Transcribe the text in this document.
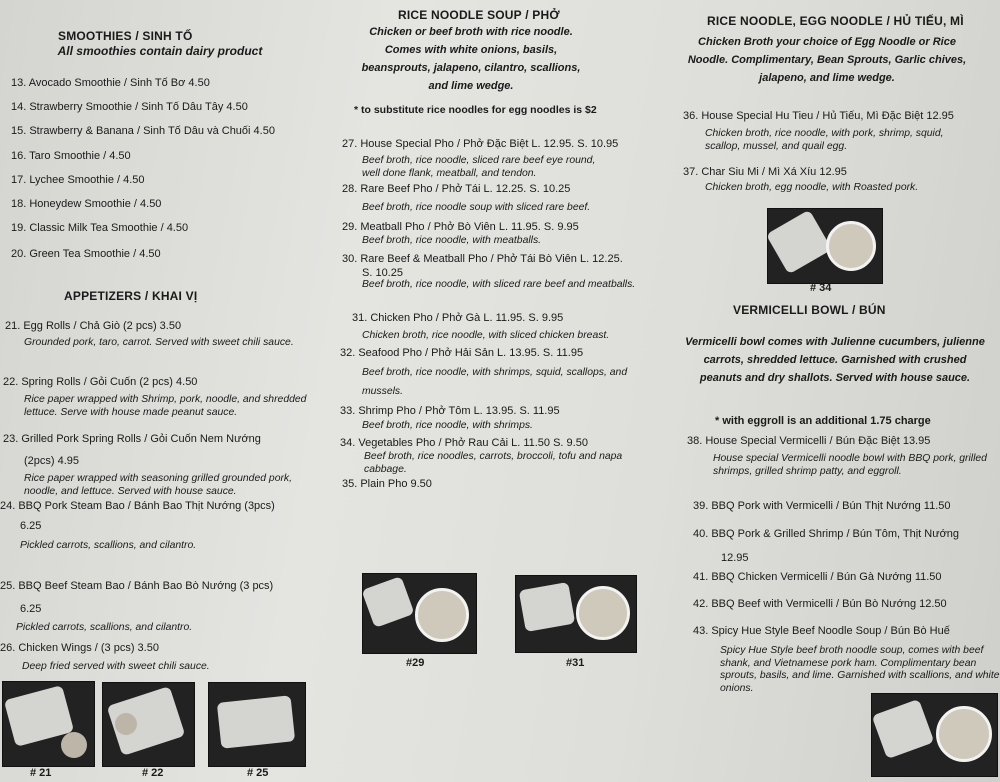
SMOOTHIES / SINH TỐ
All smoothies contain dairy product
13. Avocado Smoothie / Sinh Tố Bơ 4.50
14. Strawberry Smoothie / Sinh Tố Dâu Tây 4.50
15. Strawberry & Banana / Sinh Tố Dâu và Chuối 4.50
16. Taro Smoothie / 4.50
17. Lychee Smoothie / 4.50
18. Honeydew Smoothie / 4.50
19. Classic Milk Tea Smoothie / 4.50
20. Green Tea Smoothie / 4.50
APPETIZERS / KHAI VỊ
21. Egg Rolls / Chả Giò (2 pcs) 3.50
Grounded pork, taro, carrot. Served with sweet chili sauce.
22. Spring Rolls / Gỏi Cuốn (2 pcs) 4.50
Rice paper wrapped with Shrimp, pork, noodle, and shredded lettuce. Serve with house made peanut sauce.
23. Grilled Pork Spring Rolls / Gỏi Cuốn Nem Nướng
(2pcs) 4.95
Rice paper wrapped with seasoning grilled grounded pork, noodle, and lettuce. Served with house sauce.
24. BBQ Pork Steam Bao / Bánh Bao Thịt Nướng (3pcs)
6.25
Pickled carrots, scallions, and cilantro.
25. BBQ Beef Steam Bao / Bánh Bao Bò Nướng (3 pcs)
6.25
Pickled carrots, scallions, and cilantro.
26. Chicken Wings / (3 pcs) 3.50
Deep fried served with sweet chili sauce.
# 21	# 22	# 25
RICE NOODLE SOUP / PHỞ
Chicken or beef broth with rice noodle. Comes with white onions, basils, beansprouts, jalapeno, cilantro, scallions, and lime wedge.
* to substitute rice noodles for egg noodles is $2
27. House Special Pho / Phở Đặc Biệt L. 12.95. S. 10.95
Beef broth, rice noodle, sliced rare beef eye round, well done flank, meatball, and tendon.
28. Rare Beef Pho / Phở Tái L. 12.25. S. 10.25
Beef broth, rice noodle soup with sliced rare beef.
29. Meatball Pho / Phở Bò Viên L. 11.95. S. 9.95
Beef broth, rice noodle, with meatballs.
30. Rare Beef & Meatball Pho / Phở Tái Bò Viên L. 12.25.
S. 10.25
Beef broth, rice noodle, with sliced rare beef and meatballs.
31. Chicken Pho / Phở Gà L. 11.95. S. 9.95
Chicken broth, rice noodle, with sliced chicken breast.
32. Seafood Pho / Phở Hải Sản L. 13.95. S. 11.95
Beef broth, rice noodle, with shrimps, squid, scallops, and mussels.
33. Shrimp Pho / Phở Tôm L. 13.95. S. 11.95
Beef broth, rice noodle, with shrimps.
34. Vegetables Pho / Phở Rau Cải L. 11.50 S. 9.50
Beef broth, rice noodles, carrots, broccoli, tofu and napa cabbage.
35. Plain Pho 9.50
#29	#31
RICE NOODLE, EGG NOODLE / HỦ TIẾU, MÌ
Chicken Broth your choice of Egg Noodle or Rice Noodle. Complimentary, Bean Sprouts, Garlic chives, jalapeno, and lime wedge.
36. House Special Hu Tieu / Hủ Tiếu, Mì Đặc Biệt 12.95
Chicken broth, rice noodle, with pork, shrimp, squid, scallop, mussel, and quail egg.
37. Char Siu Mi / Mì Xá Xíu 12.95
Chicken broth, egg noodle, with Roasted pork.
# 34
VERMICELLI BOWL / BÚN
Vermicelli bowl comes with Julienne cucumbers, julienne carrots, shredded lettuce. Garnished with crushed peanuts and dry shallots. Served with house sauce.
* with eggroll is an additional 1.75 charge
38. House Special Vermicelli / Bún Đặc Biệt 13.95
House special Vermicelli noodle bowl with BBQ pork, grilled shrimps, grilled shrimp patty, and eggroll.
39. BBQ Pork with Vermicelli / Bún Thịt Nướng 11.50
40. BBQ Pork & Grilled Shrimp / Bún Tôm, Thịt Nướng
12.95
41. BBQ Chicken Vermicelli / Bún Gà Nướng 11.50
42. BBQ Beef with Vermicelli / Bún Bò Nướng 12.50
43. Spicy Hue Style Beef Noodle Soup / Bún Bò Huế
Spicy Hue Style beef broth noodle soup, comes with beef shank, and Vietnamese pork ham. Complimentary bean sprouts, basils, and lime. Garnished with scallions, and white onions.
